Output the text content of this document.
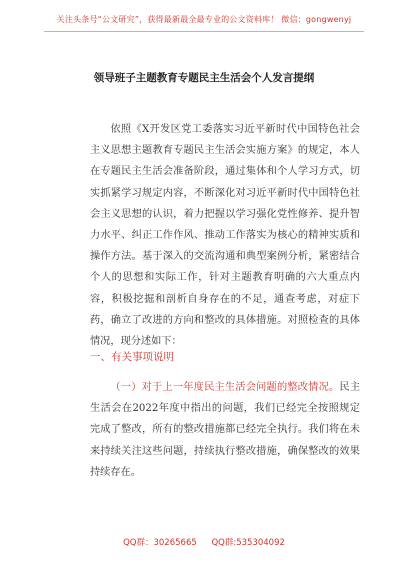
关注头条号“公文研究”，获得最新最全最专业的公文资料库！ 微信：gongwenyj
领导班子主题教育专题民主生活会个人发言提纲
依照《X开发区党工委落实习近平新时代中国特色社会主义思想主题教育专题民主生活会实施方案》的规定，本人在专题民主生活会准备阶段，通过集体和个人学习方式，切实抓紧学习规定内容，不断深化对习近平新时代中国特色社会主义思想的认识，着力把握以学习强化党性修养、提升智力水平、纠正工作作风、推动工作落实为核心的精神实质和操作方法。基于深入的交流沟通和典型案例分析，紧密结合个人的思想和实际工作，针对主题教育明确的六大重点内容，积极挖掘和剖析自身存在的不足，通查考虑，对症下药，确立了改进的方向和整改的具体措施。对照检查的具体情况，现分述如下：
一、有关事项说明
（一）对于上一年度民主生活会问题的整改情况。民主生活会在2022年度中指出的问题，我们已经完全按照规定完成了整改，所有的整改措施都已经完全执行。我们将在未来持续关注这些问题，持续执行整改措施，确保整改的效果持续存在。
QQ群：30265665 QQ群:535304092
